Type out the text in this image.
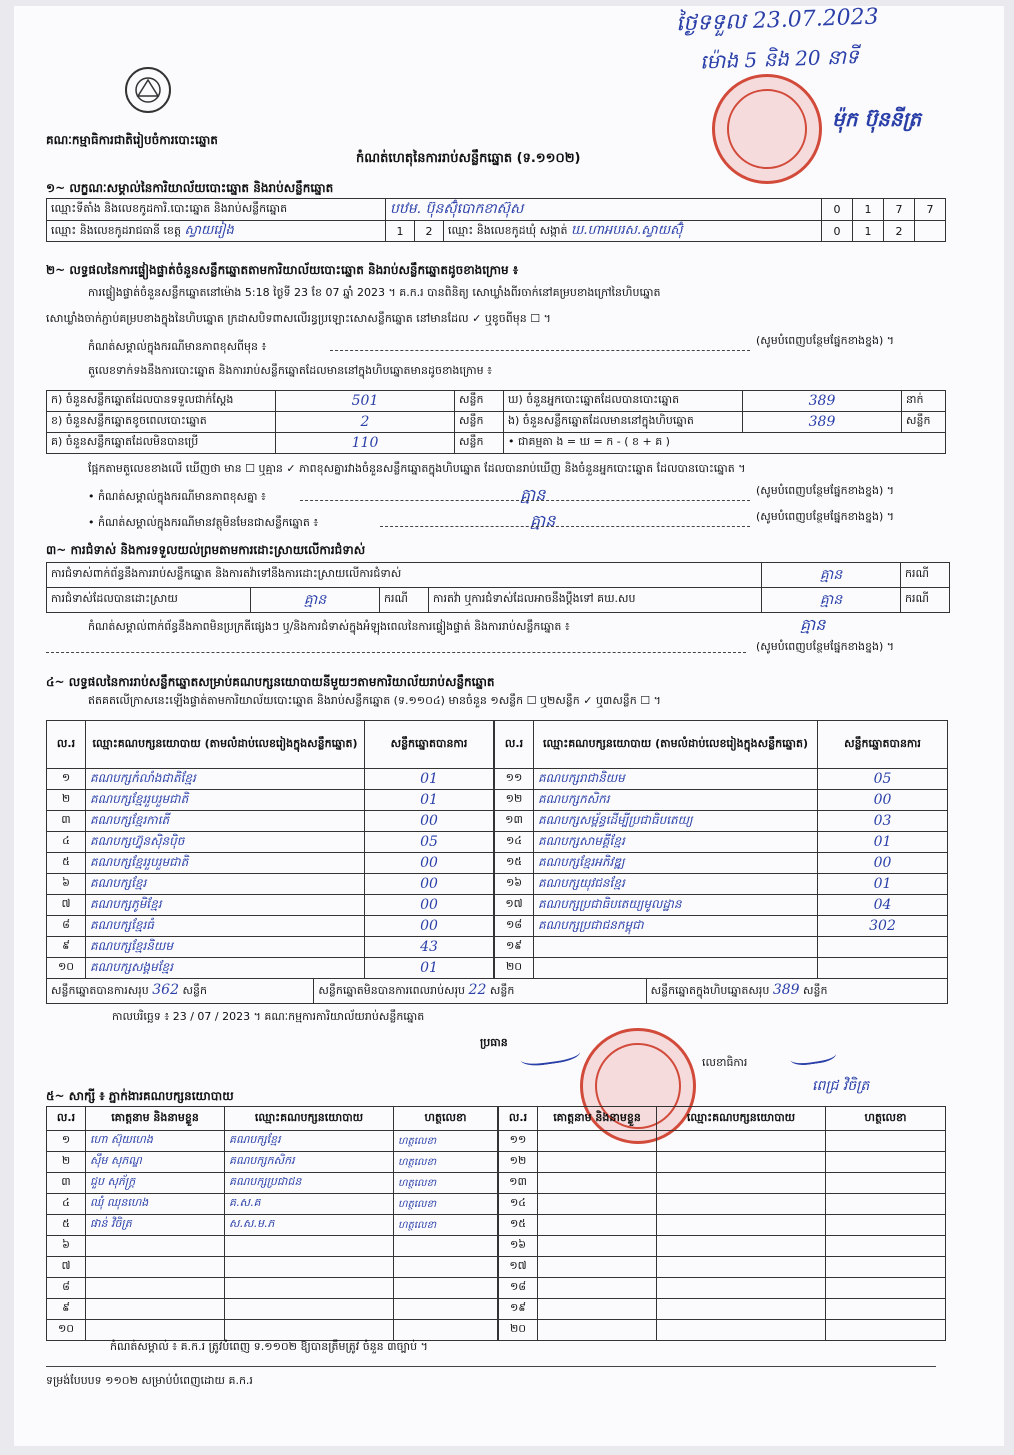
គណៈកម្មាធិការជាតិរៀបចំការបោះឆ្នោត
ថ្ងៃទទួល 23.07.2023
ម៉ោង 5 និង 20 នាទី
ម៉ុក ប៊ុននីត្រ
កំណត់ហេតុនៃការរាប់សន្លឹកឆ្នោត (ទ.១១០២)
១~ លក្ខណៈសម្គាល់នៃការិយាល័យបោះឆ្នោត និងរាប់សន្លឹកឆ្នោត
ឈ្មោះទីតាំង និងលេខកូដការិ.បោះឆ្នោត និងរាប់សន្លឹកឆ្នោត	បឋម. ប៊ុនស៊ុំបោកខាស៊ុស			0	1	7	7
ឈ្មោះ និងលេខកូដរាជធានី ខេត្ត ស្វាយរៀង	1	2	ឈ្មោះ និងលេខកូដឃុំ សង្កាត់ ឃ.ហាអបរស.ស្វាយស៊ុំ	0	1	2	
២~ លទ្ធផលនៃការផ្ទៀងផ្ទាត់ចំនួនសន្លឹកឆ្នោតតាមការិយាល័យបោះឆ្នោត និងរាប់សន្លឹកឆ្នោតដូចខាងក្រោម ៖
ការផ្ទៀងផ្ទាត់ចំនួនសន្លឹកឆ្នោតនៅម៉ោង 5:18 ថ្ងៃទី 23 ខែ 07 ឆ្នាំ 2023 ។ គ.ក.រ បានពិនិត្យ សោឃ្លាំងពីរចាក់នៅគម្របខាងក្រៅនៃហិបឆ្នោត
សោឃ្លាំងចាក់ភ្ជាប់គម្របខាងក្នុងនៃហិបឆ្នោត ក្រដាសបិទពាសលើរន្ធប្រឡោះសោសន្លឹកឆ្នោត នៅមានដែល ✓ ឬខូចពីមុន ☐ ។
កំណត់សម្គាល់ក្នុងករណីមានភាពខុសពីមុន ៖	(សូមបំពេញបន្ថែមផ្នែកខាងខ្នង) ។
តួលេខទាក់ទងនឹងការបោះឆ្នោត និងការរាប់សន្លឹកឆ្នោតដែលមាននៅក្នុងហិបឆ្នោតមានដូចខាងក្រោម ៖
ក) ចំនួនសន្លឹកឆ្នោតដែលបានទទួលជាក់ស្តែង	501	សន្លឹក	ឃ) ចំនួនអ្នកបោះឆ្នោតដែលបានបោះឆ្នោត	389	នាក់
ខ) ចំនួនសន្លឹកឆ្នោតខូចពេលបោះឆ្នោត	2	សន្លឹក	ង) ចំនួនសន្លឹកឆ្នោតដែលមាននៅក្នុងហិបឆ្នោត	389	សន្លឹក
គ) ចំនួនសន្លឹកឆ្នោតដែលមិនបានប្រើ	110	សន្លឹក	• ជាគម្មតា ង = ឃ = ក - ( ខ + គ )		
ផ្អែកតាមតួលេខខាងលើ ឃើញថា មាន ☐ ឬគ្មាន ✓ ភាពខុសគ្នារវាងចំនួនសន្លឹកឆ្នោតក្នុងហិបឆ្នោត ដែលបានរាប់ឃើញ និងចំនួនអ្នកបោះឆ្នោត ដែលបានបោះឆ្នោត ។
• កំណត់សម្គាល់ក្នុងករណីមានភាពខុសគ្នា ៖	គ្មាន	(សូមបំពេញបន្ថែមផ្នែកខាងខ្នង) ។
• កំណត់សម្គាល់ក្នុងករណីមានវត្ថុមិនមែនជាសន្លឹកឆ្នោត ៖	គ្មាន	(សូមបំពេញបន្ថែមផ្នែកខាងខ្នង) ។
៣~ ការជំទាស់ និងការទទួលយល់ព្រមតាមការដោះស្រាយលើការជំទាស់
ការជំទាស់ពាក់ព័ន្ធនឹងការរាប់សន្លឹកឆ្នោត និងការតវ៉ាទៅនឹងការដោះស្រាយលើការជំទាស់				គ្មាន	ករណី
ការជំទាស់ដែលបានដោះស្រាយ	គ្មាន	ករណី	ការតវ៉ា ឬការជំទាស់ដែលអាចនឹងប្តឹងទៅ គឃ.សប	គ្មាន	ករណី
កំណត់សម្គាល់ពាក់ព័ន្ធនឹងភាពមិនប្រក្រតីផ្សេងៗ ឬ/និងការជំទាស់ក្នុងអំឡុងពេលនៃការផ្ទៀងផ្ទាត់ និងការរាប់សន្លឹកឆ្នោត ៖	គ្មាន
(សូមបំពេញបន្ថែមផ្នែកខាងខ្នង) ។
៤~ លទ្ធផលនៃការរាប់សន្លឹកឆ្នោតសម្រាប់គណបក្សនយោបាយនីមួយៗតាមការិយាល័យរាប់សន្លឹកឆ្នោត
ឥតគតលើក្រាសនេះឡើងផ្ទាត់តាមការិយាល័យបោះឆ្នោត និងរាប់សន្លឹកឆ្នោត (ទ.១១០៤) មានចំនួន ១សន្លឹក ☐ ឬ២សន្លឹក ✓ ឬ៣សន្លឹក ☐ ។
ល.រ	ឈ្មោះគណបក្សនយោបាយ (តាមលំដាប់លេខរៀងក្នុងសន្លឹកឆ្នោត)	សន្លឹកឆ្នោតបានការ
១	គណបក្សកំលាំងជាតិខ្មែរ	01
២	គណបក្សខ្មែររួបរួមជាតិ	01
៣	គណបក្សខ្មែរកាតើ	00
៤	គណបក្សហ្វ៊ុនស៊ិនប៉ិច	05
៥	គណបក្សខ្មែររួបរួមជាតិ	00
៦	គណបក្សខ្មែរ	00
៧	គណបក្សភូមិខ្មែរ	00
៨	គណបក្សខ្មែរធំ	00
៩	គណបក្សខ្មែរនិយម	43
១០	គណបក្សសង្គមខ្មែរ	01
ល.រ	ឈ្មោះគណបក្សនយោបាយ (តាមលំដាប់លេខរៀងក្នុងសន្លឹកឆ្នោត)	សន្លឹកឆ្នោតបានការ
១១	គណបក្សរាជានិយម	05
១២	គណបក្សកសិករ	00
១៣	គណបក្សសម្ព័ន្ធដើម្បីប្រជាធិបតេយ្យ	03
១៤	គណបក្សសាមគ្គីខ្មែរ	01
១៥	គណបក្សខ្មែរអភិវឌ្ឍ	00
១៦	គណបក្សយុវជនខ្មែរ	01
១៧	គណបក្សប្រជាធិបតេយ្យមូលដ្ឋាន	04
១៨	គណបក្សប្រជាជនកម្ពុជា	302
១៩		
២០		
សន្លឹកឆ្នោតបានការសរុប 362 សន្លឹក	សន្លឹកឆ្នោតមិនបានការពេលរាប់សរុប 22 សន្លឹក	សន្លឹកឆ្នោតក្នុងហិបឆ្នោតសរុប 389 សន្លឹក
កាលបរិច្ឆេទ ៖ 23 / 07 / 2023 ។ គណៈកម្មការការិយាល័យរាប់សន្លឹកឆ្នោត
ប្រធាន
លេខាធិការ
ពេជ្រ វិចិត្រ
៥~ សាក្សី ៖ ភ្នាក់ងារគណបក្សនយោបាយ
ល.រ	គោត្តនាម និងនាមខ្លួន	ឈ្មោះគណបក្សនយោបាយ	ហត្ថលេខា
១	ហោ ស៊ុយហេង	គណបក្សខ្មែរ	ហត្ថលេខា
២	ស៊ឹម សុភណ្ឌ	គណបក្សកសិករ	ហត្ថលេខា
៣	ជួប សុភ័ក្ត្រ	គណបក្សប្រជាជន	ហត្ថលេខា
៤	ឈុំ ឈុនហេង	គ.ស.គ	ហត្ថលេខា
៥	ផាន់ វិចិត្រ	ស.ស.ម.ភ	ហត្ថលេខា
៦			
៧			
៨			
៩			
១០			
ល.រ	គោត្តនាម និងនាមខ្លួន	ឈ្មោះគណបក្សនយោបាយ	ហត្ថលេខា
១១			
១២			
១៣			
១៤			
១៥			
១៦			
១៧			
១៨			
១៩			
២០			
កំណត់សម្គាល់ ៖ គ.ក.រ ត្រូវបំពេញ ទ.១១០២ ឱ្យបានត្រឹមត្រូវ ចំនួន ៣ច្បាប់ ។
ទម្រង់បែបបទ ១១០២ សម្រាប់បំពេញដោយ គ.ក.រ
